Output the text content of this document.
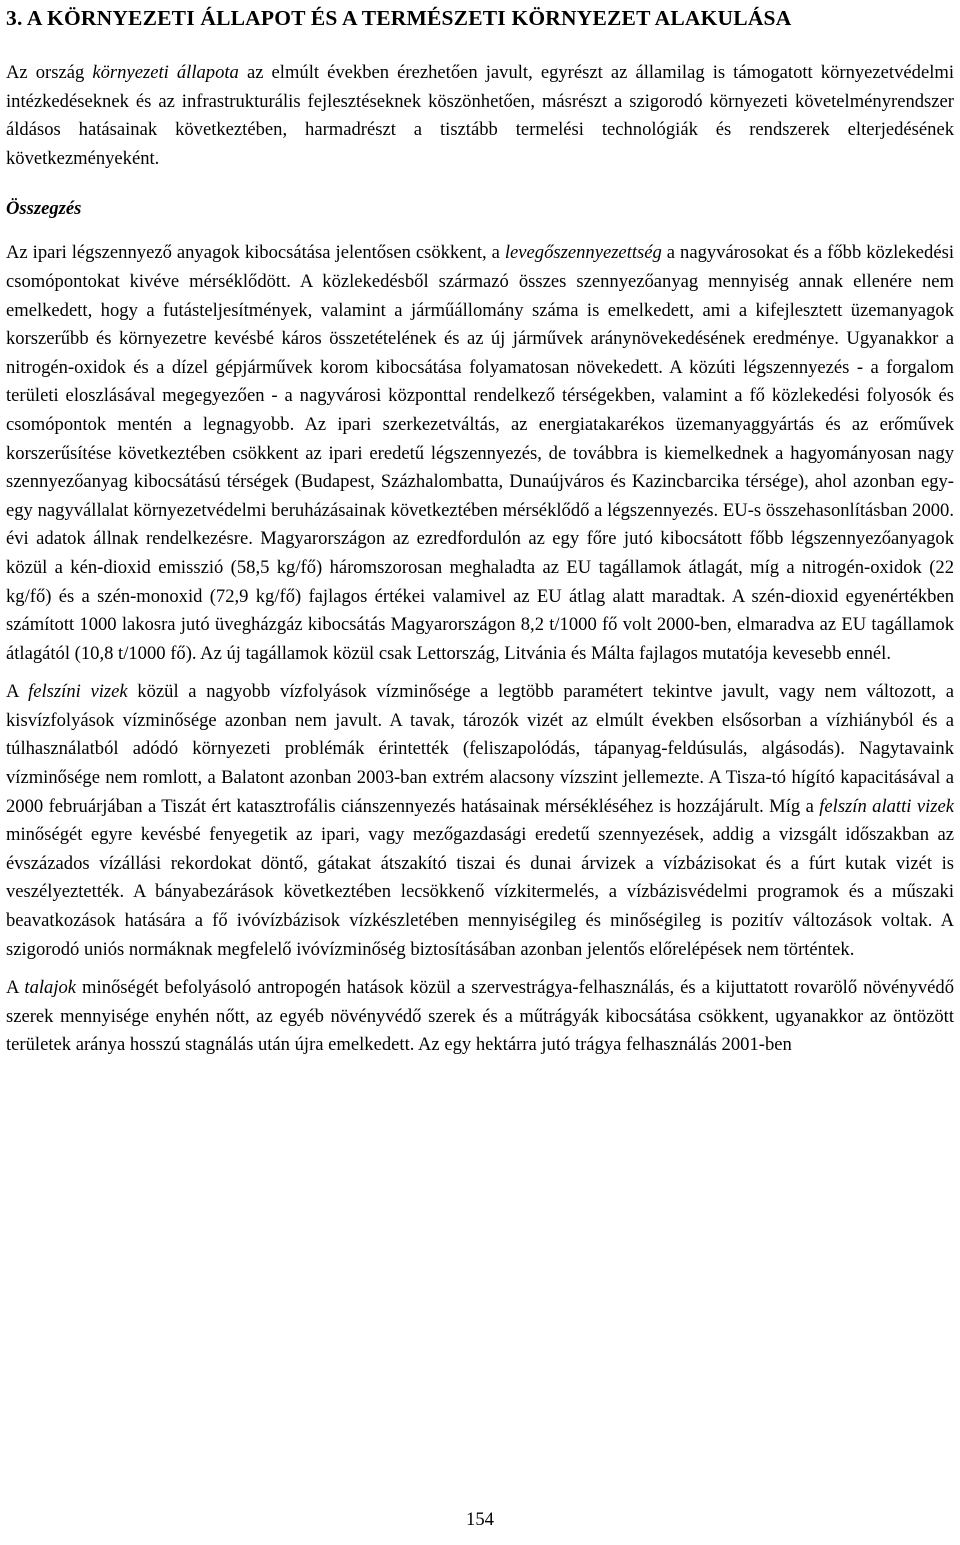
3. A KÖRNYEZETI ÁLLAPOT ÉS A TERMÉSZETI KÖRNYEZET ALAKULÁSA

Az ország környezeti állapota az elmúlt években érezhetően javult, egyrészt az államilag is támogatott környezetvédelmi intézkedéseknek és az infrastrukturális fejlesztéseknek köszönhetően, másrészt a szigorodó környezeti követelményrendszer áldásos hatásainak következtében, harmadrészt a tisztább termelési technológiák és rendszerek elterjedésének következményeként.

Összegzés

Az ipari légszennyező anyagok kibocsátása jelentősen csökkent, a levegőszennyezettség a nagyvárosokat és a főbb közlekedési csomópontokat kivéve mérséklődött. A közlekedésből származó összes szennyezőanyag mennyiség annak ellenére nem emelkedett, hogy a futásteljesítmények, valamint a járműállomány száma is emelkedett, ami a kifejlesztett üzemanyagok korszerűbb és környezetre kevésbé káros összetételének és az új járművek aránynövekedésének eredménye. Ugyanakkor a nitrogén-oxidok és a dízel gépjárművek korom kibocsátása folyamatosan növekedett. A közúti légszennyezés - a forgalom területi eloszlásával megegyezően - a nagyvárosi központtal rendelkező térségekben, valamint a fő közlekedési folyosók és csomópontok mentén a legnagyobb. Az ipari szerkezetváltás, az energiatakarékos üzemanyaggyártás és az erőművek korszerűsítése következtében csökkent az ipari eredetű légszennyezés, de továbbra is kiemelkednek a hagyományosan nagy szennyezőanyag kibocsátású térségek (Budapest, Százhalombatta, Dunaújváros és Kazincbarcika térsége), ahol azonban egy-egy nagyvállalat környezetvédelmi beruházásainak következtében mérséklődő a légszennyezés. EU-s összehasonlításban 2000. évi adatok állnak rendelkezésre. Magyarországon az ezredfordulón az egy főre jutó kibocsátott főbb légszennyezőanyagok közül a kén-dioxid emisszió (58,5 kg/fő) háromszorosan meghaladta az EU tagállamok átlagát, míg a nitrogén-oxidok (22 kg/fő) és a szén-monoxid (72,9 kg/fő) fajlagos értékei valamivel az EU átlag alatt maradtak. A szén-dioxid egyenértékben számított 1000 lakosra jutó üvegházgáz kibocsátás Magyarországon 8,2 t/1000 fő volt 2000-ben, elmaradva az EU tagállamok átlagától (10,8 t/1000 fő). Az új tagállamok közül csak Lettország, Litvánia és Málta fajlagos mutatója kevesebb ennél.

A felszíni vizek közül a nagyobb vízfolyások vízminősége a legtöbb paramétert tekintve javult, vagy nem változott, a kisvízfolyások vízminősége azonban nem javult. A tavak, tározók vizét az elmúlt években elsősorban a vízhiányból és a túlhasználatból adódó környezeti problémák érintették (feliszapolódás, tápanyag-feldúsulás, algásodás). Nagytavaink vízminősége nem romlott, a Balatont azonban 2003-ban extrém alacsony vízszint jellemezte. A Tisza-tó hígító kapacitásával a 2000 februárjában a Tiszát ért katasztrofális ciánszennyezés hatásainak mérsékléséhez is hozzájárult. Míg a felszín alatti vizek minőségét egyre kevésbé fenyegetik az ipari, vagy mezőgazdasági eredetű szennyezések, addig a vizsgált időszakban az évszázados vízállási rekordokat döntő, gátakat átszakító tiszai és dunai árvizek a vízbázisokat és a fúrt kutak vizét is veszélyeztették. A bányabezárások következtében lecsökkenő vízkitermelés, a vízbázisvédelmi programok és a műszaki beavatkozások hatására a fő ivóvízbázisok vízkészletében mennyiségileg és minőségileg is pozitív változások voltak. A szigorodó uniós normáknak megfelelő ivóvízminőség biztosításában azonban jelentős előrelépések nem történtek.

A talajok minőségét befolyásoló antropogén hatások közül a szervestrágya-felhasználás, és a kijuttatott rovarölő növényvédő szerek mennyisége enyhén nőtt, az egyéb növényvédő szerek és a műtrágyák kibocsátása csökkent, ugyanakkor az öntözött területek aránya hosszú stagnálás után újra emelkedett. Az egy hektárra jutó trágya felhasználás 2001-ben

154
